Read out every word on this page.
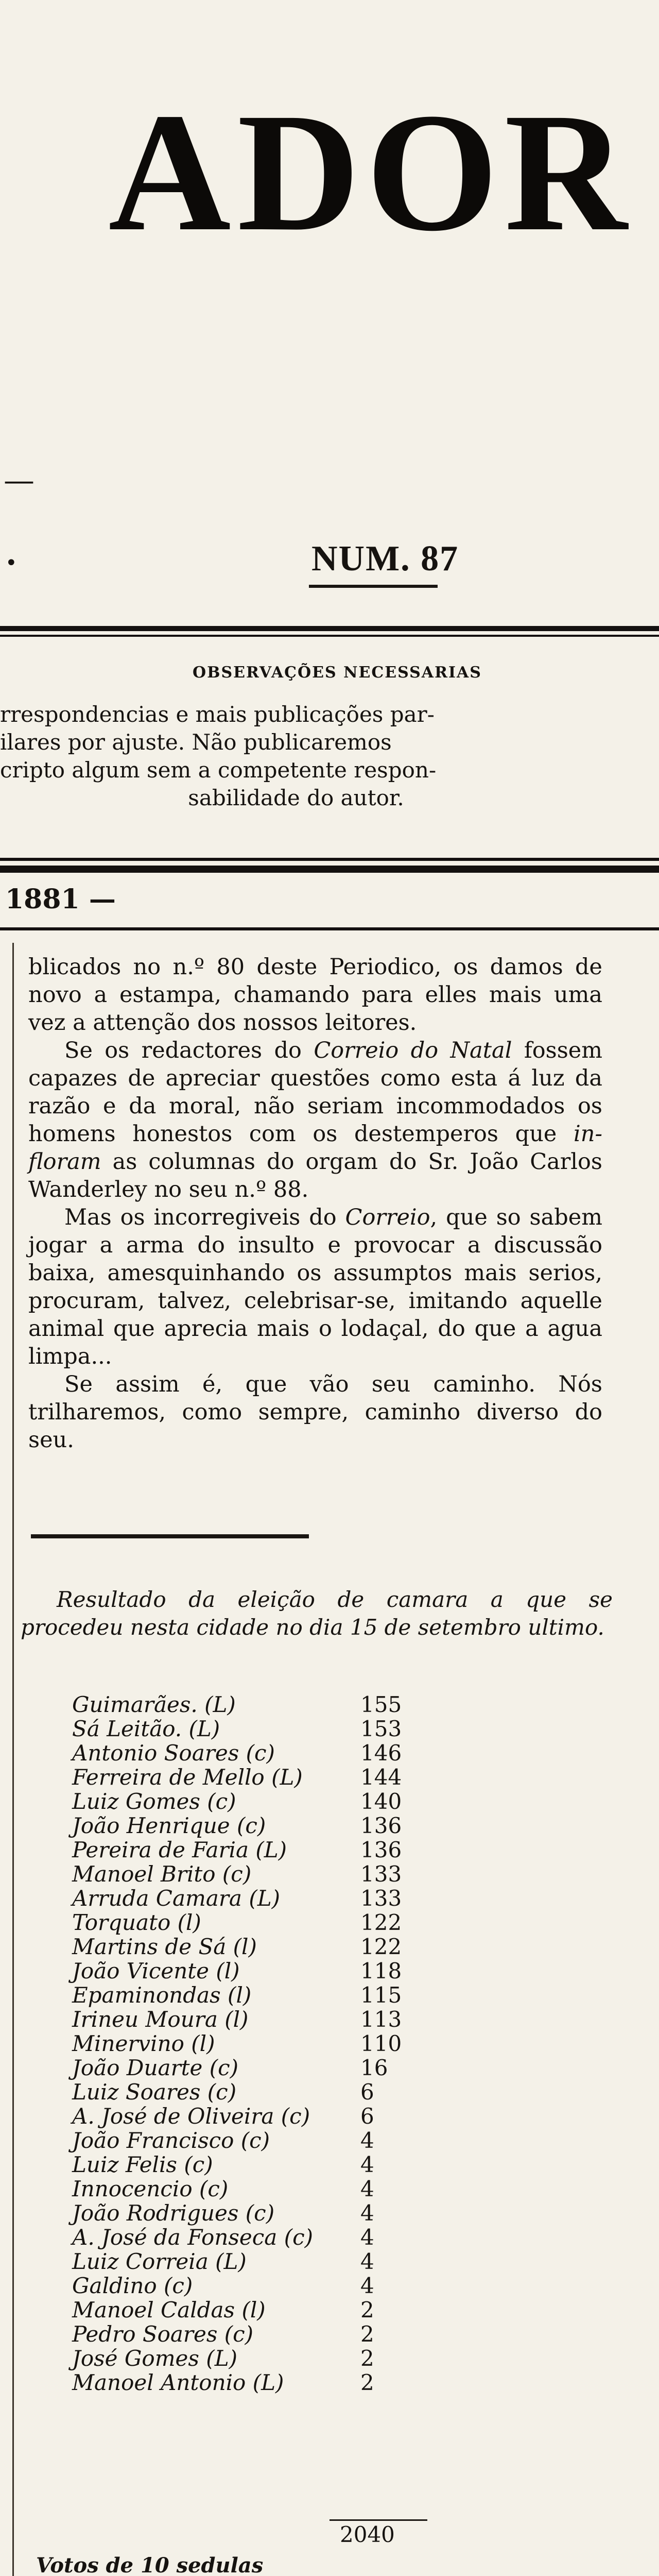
ADOR
—
•	NUM. 87
OBSERVAÇÕES NECESSARIAS
rrespondencias e mais publicações par-
ilares por ajuste. Não publicaremos
cripto algum sem a competente respon-
sabilidade do autor.
1881 —

blicados no n.º 80 deste Periodico, os damos de novo a estampa, chamando para elles mais uma vez a attenção dos nossos leitores.

Se os redactores do Correio do Natal fossem capazes de apreciar questões como esta á luz da razão e da moral, não seriam incommodados os homens honestos com os destemperos que in-floram as columnas do orgam do Sr. João Carlos Wanderley no seu n.º 88.

Mas os incorregiveis do Correio, que so sabem jogar a arma do insulto e provocar a discussão baixa, amesquinhando os assumptos mais serios, procuram, talvez, celebrisar-se, imitando aquelle animal que aprecia mais o lodaçal, do que a agua limpa...

Se assim é, que vão seu caminho. Nós trilharemos, como sempre, caminho diverso do seu.

Resultado da eleição de camara a que se procedeu nesta cidade no dia 15 de setembro ultimo.

Guimarães. (L)	155
Sá Leitão. (L)	153
Antonio Soares (c)	146
Ferreira de Mello (L)	144
Luiz Gomes (c)	140
João Henrique (c)	136
Pereira de Faria (L)	136
Manoel Brito (c)	133
Arruda Camara (L)	133
Torquato (l)	122
Martins de Sá (l)	122
João Vicente (l)	118
Epaminondas (l)	115
Irineu Moura (l)	113
Minervino (l)	110
João Duarte (c)	16
Luiz Soares (c)	6
A. José de Oliveira (c)	6
João Francisco (c)	4
Luiz Felis (c)	4
Innocencio (c)	4
João Rodrigues (c)	4
A. José da Fonseca (c)	4
Luiz Correia (L)	4
Galdino (c)	4
Manoel Caldas (l)	2
Pedro Soares (c)	2
José Gomes (L)	2
Manoel Antonio (L)	2
2040

Votos de 10 sedulas
